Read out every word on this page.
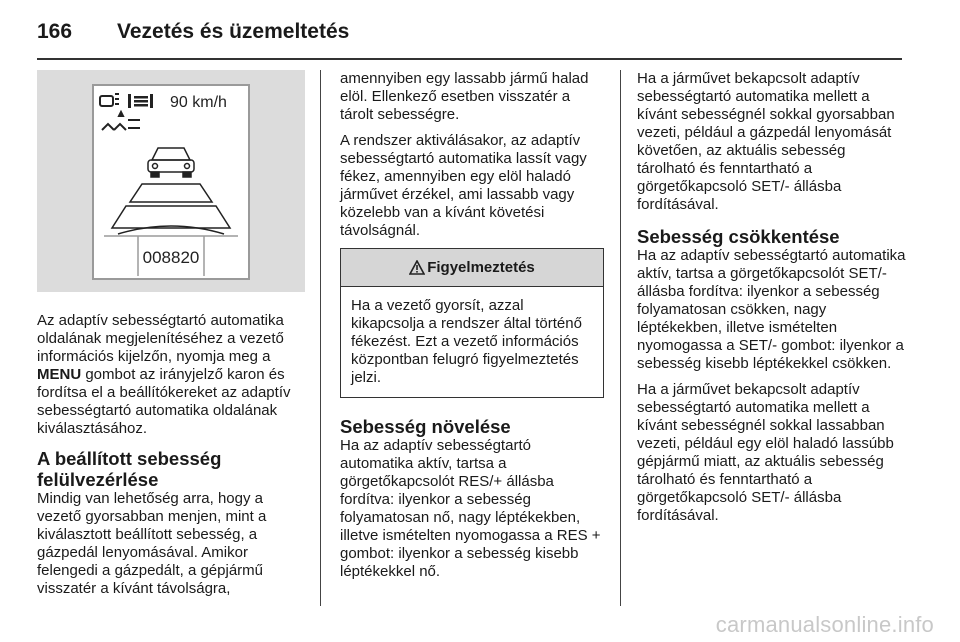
166	Vezetés és üzemeltetés
90 km/h
008820

Az adaptív sebességtartó automatika oldalának megjelenítéséhez a vezető információs kijelzőn, nyomja meg a MENU gombot az irányjelző karon és fordítsa el a beállítókereket az adaptív sebességtartó automatika oldalának kiválasztásához.

A beállított sebesség felülvezérlése

Mindig van lehetőség arra, hogy a vezető gyorsabban menjen, mint a kiválasztott beállított sebesség, a gázpedál lenyomásával. Amikor felengedi a gázpedált, a gépjármű visszatér a kívánt távolságra,

amennyiben egy lassabb jármű halad elöl. Ellenkező esetben visszatér a tárolt sebességre.

A rendszer aktiválásakor, az adaptív sebességtartó automatika lassít vagy fékez, amennyiben egy elöl haladó járművet érzékel, ami lassabb vagy közelebb van a kívánt követési távolságnál.

Figyelmeztetés

Ha a vezető gyorsít, azzal kikapcsolja a rendszer által történő fékezést. Ezt a vezető információs központban felugró figyelmeztetés jelzi.

Sebesség növelése

Ha az adaptív sebességtartó automatika aktív, tartsa a görgetőkapcsolót RES/+ állásba fordítva: ilyenkor a sebesség folyamatosan nő, nagy léptékekben, illetve ismételten nyomogassa a RES + gombot: ilyenkor a sebesség kisebb léptékekkel nő.

Ha a járművet bekapcsolt adaptív sebességtartó automatika mellett a kívánt sebességnél sokkal gyorsabban vezeti, például a gázpedál lenyomását követően, az aktuális sebesség tárolható és fenntartható a görgetőkapcsoló SET/- állásba fordításával.

Sebesség csökkentése

Ha az adaptív sebességtartó automatika aktív, tartsa a görgetőkapcsolót SET/- állásba fordítva: ilyenkor a sebesség folyamatosan csökken, nagy léptékekben, illetve ismételten nyomogassa a SET/- gombot: ilyenkor a sebesség kisebb léptékekkel csökken.

Ha a járművet bekapcsolt adaptív sebességtartó automatika mellett a kívánt sebességnél sokkal lassabban vezeti, például egy elöl haladó lassúbb gépjármű miatt, az aktuális sebesség tárolható és fenntartható a görgetőkapcsoló SET/- állásba fordításával.

carmanualsonline.info
